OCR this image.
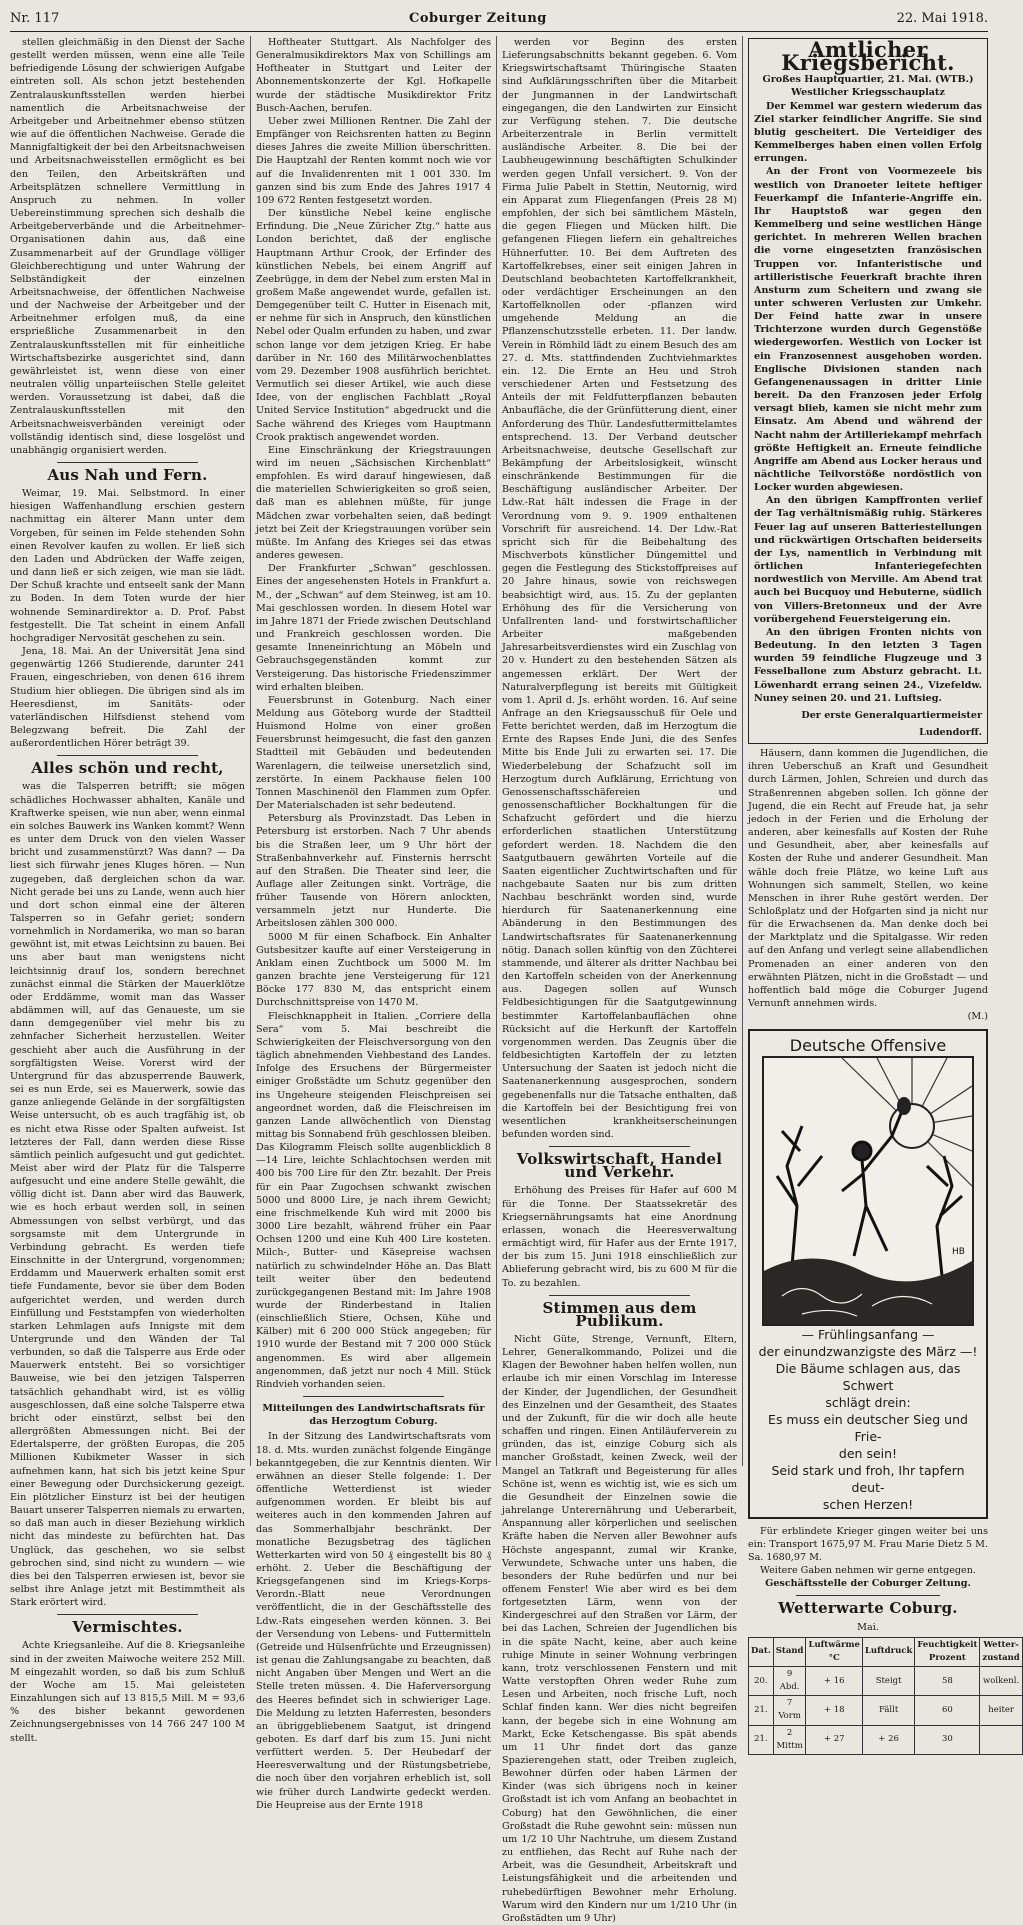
Nr. 117	Coburger Zeitung	22. Mai 1918.

stellen gleichmäßig in den Dienst der Sache gestellt werden müssen, wenn eine alle Teile befriedigende Lösung der schwierigen Aufgabe eintreten soll. Als schon jetzt bestehenden Zentralauskunftsstellen werden hierbei namentlich die Arbeitsnachweise der Arbeitgeber und Arbeitnehmer ebenso stützen wie auf die öffentlichen Nachweise. Gerade die Mannigfaltigkeit der bei den Arbeitsnachweisen und Arbeitsnachweisstellen ermöglicht es bei den Teilen, den Arbeitskräften und Arbeitsplätzen schnellere Vermittlung in Anspruch zu nehmen. In voller Uebereinstimmung sprechen sich deshalb die Arbeitgeberverbände und die Arbeitnehmer-Organisationen dahin aus, daß eine Zusammenarbeit auf der Grundlage völliger Gleichberechtigung und unter Wahrung der Selbständigkeit der einzelnen Arbeitsnachweise, der öffentlichen Nachweise und der Nachweise der Arbeitgeber und der Arbeitnehmer erfolgen muß, da eine ersprießliche Zusammenarbeit in den Zentralauskunftsstellen mit für einheitliche Wirtschaftsbezirke ausgerichtet sind, dann gewährleistet ist, wenn diese von einer neutralen völlig unparteiischen Stelle geleitet werden. Voraussetzung ist dabei, daß die Zentralauskunftsstellen mit den Arbeitsnachweisverbänden vereinigt oder vollständig identisch sind, diese losgelöst und unabhängig organisiert werden.

Aus Nah und Fern.

Weimar, 19. Mai. Selbstmord. In einer hiesigen Waffenhandlung erschien gestern nachmittag ein älterer Mann unter dem Vorgeben, für seinen im Felde stehenden Sohn einen Revolver kaufen zu wollen. Er ließ sich den Laden und Abdrücken der Waffe zeigen, und dann ließ er sich zeigen, wie man sie lädt. Der Schuß krachte und entseelt sank der Mann zu Boden. In dem Toten wurde der hier wohnende Seminardirektor a. D. Prof. Pabst festgestellt. Die Tat scheint in einem Anfall hochgradiger Nervosität geschehen zu sein.

Jena, 18. Mai. An der Universität Jena sind gegenwärtig 1266 Studierende, darunter 241 Frauen, eingeschrieben, von denen 616 ihrem Studium hier obliegen. Die übrigen sind als im Heeresdienst, im Sanitäts- oder vaterländischen Hilfsdienst stehend vom Belegzwang befreit. Die Zahl der außerordentlichen Hörer beträgt 39.

Alles schön und recht,

was die Talsperren betrifft; sie mögen schädliches Hochwasser abhalten, Kanäle und Kraftwerke speisen, wie nun aber, wenn einmal ein solches Bauwerk ins Wanken kommt? Wenn es unter dem Druck von den vielen Wasser bricht und zusammenstürzt? Was dann? — Da liest sich fürwahr jenes Kluges hören. — Nun zugegeben, daß dergleichen schon da war. Nicht gerade bei uns zu Lande, wenn auch hier und dort schon einmal eine der älteren Talsperren so in Gefahr geriet; sondern vornehmlich in Nordamerika, wo man so baran gewöhnt ist, mit etwas Leichtsinn zu bauen. Bei uns aber baut man wenigstens nicht leichtsinnig drauf los, sondern berechnet zunächst einmal die Stärken der Mauerklötze oder Erddämme, womit man das Wasser abdämmen will, auf das Genaueste, um sie dann demgegenüber viel mehr bis zu zehnfacher Sicherheit herzustellen. Weiter geschieht aber auch die Ausführung in der sorgfältigsten Weise. Vorerst wird der Untergrund für das abzusperrende Bauwerk, sei es nun Erde, sei es Mauerwerk, sowie das ganze anliegende Gelände in der sorgfältigsten Weise untersucht, ob es auch tragfähig ist, ob es nicht etwa Risse oder Spalten aufweist. Ist letzteres der Fall, dann werden diese Risse sämtlich peinlich aufgesucht und gut gedichtet. Meist aber wird der Platz für die Talsperre aufgesucht und eine andere Stelle gewählt, die völlig dicht ist. Dann aber wird das Bauwerk, wie es hoch erbaut werden soll, in seinen Abmessungen von selbst verbürgt, und das sorgsamste mit dem Untergrunde in Verbindung gebracht. Es werden tiefe Einschnitte in der Untergrund, vorgenommen; Erddamm und Mauerwerk erhalten somit erst tiefe Fundamente, bevor sie über dem Boden aufgerichtet werden, und werden durch Einfüllung und Feststampfen von wiederholten starken Lehmlagen aufs Innigste mit dem Untergrunde und den Wänden der Tal verbunden, so daß die Talsperre aus Erde oder Mauerwerk entsteht. Bei so vorsichtiger Bauweise, wie bei den jetzigen Talsperren tatsächlich gehandhabt wird, ist es völlig ausgeschlossen, daß eine solche Talsperre etwa bricht oder einstürzt, selbst bei den allergrößten Abmessungen nicht. Bei der Edertalsperre, der größten Europas, die 205 Millionen Kubikmeter Wasser in sich aufnehmen kann, hat sich bis jetzt keine Spur einer Bewegung oder Durchsickerung gezeigt. Ein plötzlicher Einsturz ist bei der heutigen Bauart unserer Talsperren niemals zu erwarten, so daß man auch in dieser Beziehung wirklich nicht das mindeste zu befürchten hat. Das Unglück, das geschehen, wo sie selbst gebrochen sind, sind nicht zu wundern — wie dies bei den Talsperren erwiesen ist, bevor sie selbst ihre Anlage jetzt mit Bestimmtheit als Stark erörtert wird.

Vermischtes.

Achte Kriegsanleihe. Auf die 8. Kriegsanleihe sind in der zweiten Maiwoche weitere 252 Mill. M eingezahlt worden, so daß bis zum Schluß der Woche am 15. Mai geleisteten Einzahlungen sich auf 13 815,5 Mill. M = 93,6 % des bisher bekannt gewordenen Zeichnungsergebnisses von 14 766 247 100 M stellt.

Hoftheater Stuttgart. Als Nachfolger des Generalmusikdirektors Max von Schillings am Hoftheater in Stuttgart und Leiter der Abonnementskonzerte der Kgl. Hofkapelle wurde der städtische Musikdirektor Fritz Busch-Aachen, berufen.

Ueber zwei Millionen Rentner. Die Zahl der Empfänger von Reichsrenten hatten zu Beginn dieses Jahres die zweite Million überschritten. Die Hauptzahl der Renten kommt noch wie vor auf die Invalidenrenten mit 1 001 330. Im ganzen sind bis zum Ende des Jahres 1917 4 109 672 Renten festgesetzt worden.

Der künstliche Nebel keine englische Erfindung. Die „Neue Züricher Ztg.“ hatte aus London berichtet, daß der englische Hauptmann Arthur Crook, der Erfinder des künstlichen Nebels, bei einem Angriff auf Zeebrügge, in dem der Nebel zum ersten Mal in großem Maße angewendet wurde, gefallen ist. Demgegenüber teilt C. Hutter in Eisenach mit, er nehme für sich in Anspruch, den künstlichen Nebel oder Qualm erfunden zu haben, und zwar schon lange vor dem jetzigen Krieg. Er habe darüber in Nr. 160 des Militärwochenblattes vom 29. Dezember 1908 ausführlich berichtet. Vermutlich sei dieser Artikel, wie auch diese Idee, von der englischen Fachblatt „Royal United Service Institution“ abgedruckt und die Sache während des Krieges vom Hauptmann Crook praktisch angewendet worden.

Eine Einschränkung der Kriegstrauungen wird im neuen „Sächsischen Kirchenblatt“ empfohlen. Es wird darauf hingewiesen, daß die materiellen Schwierigkeiten so groß seien, daß man es ablehnen müßte, für junge Mädchen zwar vorbehalten seien, daß bedingt jetzt bei Zeit der Kriegstrauungen vorüber sein müßte. Im Anfang des Krieges sei das etwas anderes gewesen.

Der Frankfurter „Schwan“ geschlossen. Eines der angesehensten Hotels in Frankfurt a. M., der „Schwan“ auf dem Steinweg, ist am 10. Mai geschlossen worden. In diesem Hotel war im Jahre 1871 der Friede zwischen Deutschland und Frankreich geschlossen worden. Die gesamte Inneneinrichtung an Möbeln und Gebrauchsgegenständen kommt zur Versteigerung. Das historische Friedenszimmer wird erhalten bleiben.

Feuersbrunst in Gotenburg. Nach einer Meldung aus Göteborg wurde der Stadtteil Huismond Holme von einer großen Feuersbrunst heimgesucht, die fast den ganzen Stadtteil mit Gebäuden und bedeutenden Warenlagern, die teilweise unersetzlich sind, zerstörte. In einem Packhause fielen 100 Tonnen Maschinenöl den Flammen zum Opfer. Der Materialschaden ist sehr bedeutend.

Petersburg als Provinzstadt. Das Leben in Petersburg ist erstorben. Nach 7 Uhr abends bis die Straßen leer, um 9 Uhr hört der Straßenbahnverkehr auf. Finsternis herrscht auf den Straßen. Die Theater sind leer, die Auflage aller Zeitungen sinkt. Vorträge, die früher Tausende von Hörern anlockten, versammeln jetzt nur Hunderte. Die Arbeitslosen zählen 300 000.

5000 M für einen Schafbock. Ein Anhalter Gutsbesitzer kaufte auf einer Versteigerung in Anklam einen Zuchtbock um 5000 M. Im ganzen brachte jene Versteigerung für 121 Böcke 177 830 M, das entspricht einem Durchschnittspreise von 1470 M.

Fleischknappheit in Italien. „Corriere della Sera“ vom 5. Mai beschreibt die Schwierigkeiten der Fleischversorgung von den täglich abnehmenden Viehbestand des Landes. Infolge des Ersuchens der Bürgermeister einiger Großstädte um Schutz gegenüber den ins Ungeheure steigenden Fleischpreisen sei angeordnet worden, daß die Fleischreisen im ganzen Lande allwöchentlich von Dienstag mittag bis Sonnabend früh geschlossen bleiben. Das Kilogramm Fleisch sollte augenblicklich 8—14 Lire, leichte Schlachtochsen werden mit 400 bis 700 Lire für den Ztr. bezahlt. Der Preis für ein Paar Zugochsen schwankt zwischen 5000 und 8000 Lire, je nach ihrem Gewicht; eine frischmelkende Kuh wird mit 2000 bis 3000 Lire bezahlt, während früher ein Paar Ochsen 1200 und eine Kuh 400 Lire kosteten. Milch-, Butter- und Käsepreise wachsen natürlich zu schwindelnder Höhe an. Das Blatt teilt weiter über den bedeutend zurückgegangenen Bestand mit: Im Jahre 1908 wurde der Rinderbestand in Italien (einschließlich Stiere, Ochsen, Kühe und Kälber) mit 6 200 000 Stück angegeben; für 1910 wurde der Bestand mit 7 200 000 Stück angenommen. Es wird aber allgemein angenommen, daß jetzt nur noch 4 Mill. Stück Rindvieh vorhanden seien.

Mitteilungen des Landwirtschaftsrats für das Herzogtum Coburg.

In der Sitzung des Landwirtschaftsrats vom 18. d. Mts. wurden zunächst folgende Eingänge bekanntgegeben, die zur Kenntnis dienten. Wir erwähnen an dieser Stelle folgende: 1. Der öffentliche Wetterdienst ist wieder aufgenommen worden. Er bleibt bis auf weiteres auch in den kommenden Jahren auf das Sommerhalbjahr beschränkt. Der monatliche Bezugsbetrag des täglichen Wetterkarten wird von 50 ₰ eingestellt bis 80 ₰ erhöht. 2. Ueber die Beschäftigung der Kriegsgefangenen sind im Kriegs-Korps-Verordn.-Blatt neue Verordnungen veröffentlicht, die in der Geschäftsstelle des Ldw.-Rats eingesehen werden können. 3. Bei der Versendung von Lebens- und Futtermitteln (Getreide und Hülsenfrüchte und Erzeugnissen) ist genau die Zahlungsangabe zu beachten, daß nicht Angaben über Mengen und Wert an die Stelle treten müssen. 4. Die Haferversorgung des Heeres befindet sich in schwieriger Lage. Die Meldung zu letzten Haferresten, besonders an übriggebliebenem Saatgut, ist dringend geboten. Es darf darf bis zum 15. Juni nicht verfüttert werden. 5. Der Heubedarf der Heeresverwaltung und der Rüstungsbetriebe, die noch über den vorjahren erheblich ist, soll wie früher durch Landwirte gedeckt werden. Die Heupreise aus der Ernte 1918

werden vor Beginn des ersten Lieferungsabschnitts bekannt gegeben. 6. Vom Kriegswirtschaftsamt Thüringische Staaten sind Aufklärungsschriften über die Mitarbeit der Jungmannen in der Landwirtschaft eingegangen, die den Landwirten zur Einsicht zur Verfügung stehen. 7. Die deutsche Arbeiterzentrale in Berlin vermittelt ausländische Arbeiter. 8. Die bei der Laubheugewinnung beschäftigten Schulkinder werden gegen Unfall versichert. 9. Von der Firma Julie Pabelt in Stettin, Neutornig, wird ein Apparat zum Fliegenfangen (Preis 28 M) empfohlen, der sich bei sämtlichem Mästeln, die gegen Fliegen und Mücken hilft. Die gefangenen Fliegen liefern ein gehaltreiches Hühnerfutter. 10. Bei dem Auftreten des Kartoffelkrebses, einer seit einigen Jahren in Deutschland beobachteten Kartoffelkrankheit, oder verdächtiger Erscheinungen an den Kartoffelknollen oder -pflanzen wird umgehende Meldung an die Pflanzenschutzsstelle erbeten. 11. Der landw. Verein in Römhild lädt zu einem Besuch des am 27. d. Mts. stattfindenden Zuchtviehmarktes ein. 12. Die Ernte an Heu und Stroh verschiedener Arten und Festsetzung des Anteils der mit Feldfutterpflanzen bebauten Anbaufläche, die der Grünfütterung dient, einer Anforderung des Thür. Landesfuttermittelamtes entsprechend. 13. Der Verband deutscher Arbeitsnachweise, deutsche Gesellschaft zur Bekämpfung der Arbeitslosigkeit, wünscht einschränkende Bestimmungen für die Beschäftigung ausländischer Arbeiter. Der Ldw.-Rat hält indessen die Frage in der Verordnung vom 9. 9. 1909 enthaltenen Vorschrift für ausreichend. 14. Der Ldw.-Rat spricht sich für die Beibehaltung des Mischverbots künstlicher Düngemittel und gegen die Festlegung des Stickstoffpreises auf 20 Jahre hinaus, sowie von reichswegen beabsichtigt wird, aus. 15. Zu der geplanten Erhöhung des für die Versicherung von Unfallrenten land- und forstwirtschaftlicher Arbeiter maßgebenden Jahresarbeitsverdienstes wird ein Zuschlag von 20 v. Hundert zu den bestehenden Sätzen als angemessen erklärt. Der Wert der Naturalverpflegung ist bereits mit Gültigkeit vom 1. April d. Js. erhöht worden. 16. Auf seine Anfrage an den Kriegsausschuß für Oele und Fette berichtet werden, daß im Herzogtum die Ernte des Rapses Ende Juni, die des Senfes Mitte bis Ende Juli zu erwarten sei. 17. Die Wiederbelebung der Schafzucht soll im Herzogtum durch Aufklärung, Errichtung von Genossenschaftsschäfereien und genossenschaftlicher Bockhaltungen für die Schafzucht gefördert und die hierzu erforderlichen staatlichen Unterstützung gefordert werden. 18. Nachdem die den Saatgutbauern gewährten Vorteile auf die Saaten eigentlicher Zuchtwirtschaften und für nachgebaute Saaten nur bis zum dritten Nachbau beschränkt worden sind, wurde hierdurch für Saatenanerkennung eine Abänderung in den Bestimmungen des Landwirtschaftsrates für Saatenanerkennung nötig. Danach sollen künftig von den Züchterei stammende, und älterer als dritter Nachbau bei den Kartoffeln scheiden von der Anerkennung aus. Dagegen sollen auf Wunsch Feldbesichtigungen für die Saatgutgewinnung bestimmter Kartoffelanbauflächen ohne Rücksicht auf die Herkunft der Kartoffeln vorgenommen werden. Das Zeugnis über die feldbesichtigten Kartoffeln der zu letzten Untersuchung der Saaten ist jedoch nicht die Saatenanerkennung ausgesprochen, sondern gegebenenfalls nur die Tatsache enthalten, daß die Kartoffeln bei der Besichtigung frei von wesentlichen krankheitserscheinungen befunden worden sind.

Volkswirtschaft, Handel und Verkehr.

Erhöhung des Preises für Hafer auf 600 M für die Tonne. Der Staatssekretär des Kriegsernährungsamts hat eine Anordnung erlassen, wonach die Heeresverwaltung ermächtigt wird, für Hafer aus der Ernte 1917, der bis zum 15. Juni 1918 einschließlich zur Ablieferung gebracht wird, bis zu 600 M für die To. zu bezahlen.

Stimmen aus dem Publikum.

Nicht Güte, Strenge, Vernunft, Eltern, Lehrer, Generalkommando, Polizei und die Klagen der Bewohner haben helfen wollen, nun erlaube ich mir einen Vorschlag im Interesse der Kinder, der Jugendlichen, der Gesundheit des Einzelnen und der Gesamtheit, des Staates und der Zukunft, für die wir doch alle heute schaffen und ringen. Einen Antiläuferverein zu gründen, das ist, einzige Coburg sich als mancher Großstadt, keinen Zweck, weil der Mangel an Tatkraft und Begeisterung für alles Schöne ist, wenn es wichtig ist, wie es sich um die Gesundheit der Einzelnen sowie die jahrelange Unterernährung und Ueberarbeit, Anspannung aller körperlichen und seelischen Kräfte haben die Nerven aller Bewohner aufs Höchste angespannt, zumal wir Kranke, Verwundete, Schwache unter uns haben, die besonders der Ruhe bedürfen und nur bei offenem Fenster! Wie aber wird es bei dem fortgesetzten Lärm, wenn von der Kindergeschrei auf den Straßen vor Lärm, der bei das Lachen, Schreien der Jugendlichen bis in die späte Nacht, keine, aber auch keine ruhige Minute in seiner Wohnung verbringen kann, trotz verschlossenen Fenstern und mit Watte verstopften Ohren weder Ruhe zum Lesen und Arbeiten, noch frische Luft, noch Schlaf finden kann. Wer dies nicht begreifen kann, der begebe sich in eine Wohnung am Markt, Ecke Ketschengasse. Bis spät abends um 11 Uhr findet dort das ganze Spazierengehen statt, oder Treiben zugleich, Bewohner dürfen oder haben Lärmen der Kinder (was sich übrigens noch in keiner Großstadt ist ich vom Anfang an beobachtet in Coburg) hat den Gewöhnlichen, die einer Großstadt die Ruhe gewohnt sein: müssen nun um 1/2 10 Uhr Nachtruhe, um diesem Zustand zu entfliehen, das Recht auf Ruhe nach der Arbeit, was die Gesundheit, Arbeitskraft und Leistungsfähigkeit und die arbeitenden und ruhebedürftigen Bewohner mehr Erholung. Warum wird den Kindern nur um 1/210 Uhr (in Großstädten um 9 Uhr)

Amtlicher Kriegsbericht.

Großes Hauptquartier, 21. Mai. (WTB.)

Westlicher Kriegsschauplatz

Der Kemmel war gestern wiederum das Ziel starker feindlicher Angriffe. Sie sind blutig gescheitert. Die Verteidiger des Kemmelberges haben einen vollen Erfolg errungen.

An der Front von Voormezeele bis westlich von Dranoeter leitete heftiger Feuerkampf die Infanterie-Angriffe ein. Ihr Hauptstoß war gegen den Kemmelberg und seine westlichen Hänge gerichtet. In mehreren Wellen brachen die vorne eingesetzten französischen Truppen vor. Infanteristische und artilleristische Feuerkraft brachte ihren Ansturm zum Scheitern und zwang sie unter schweren Verlusten zur Umkehr. Der Feind hatte zwar in unsere Trichterzone wurden durch Gegenstöße wiedergeworfen. Westlich von Locker ist ein Franzosennest ausgehoben worden. Englische Divisionen standen nach Gefangenenaussagen in dritter Linie bereit. Da den Franzosen jeder Erfolg versagt blieb, kamen sie nicht mehr zum Einsatz. Am Abend und während der Nacht nahm der Artilleriekampf mehrfach größte Heftigkeit an. Erneute feindliche Angriffe am Abend aus Locker heraus und nächtliche Teilvorstöße nordöstlich von Locker wurden abgewiesen.

An den übrigen Kampffronten verlief der Tag verhältnismäßig ruhig. Stärkeres Feuer lag auf unseren Batteriestellungen und rückwärtigen Ortschaften beiderseits der Lys, namentlich in Verbindung mit örtlichen Infanteriegefechten nordwestlich von Merville. Am Abend trat auch bei Bucquoy und Hebuterne, südlich von Villers-Bretonneux und der Avre vorübergehend Feuersteigerung ein.

An den übrigen Fronten nichts von Bedeutung. In den letzten 3 Tagen wurden 59 feindliche Flugzeuge und 3 Fesselballone zum Absturz gebracht. Lt. Löwenhardt errang seinen 24., Vizefeldw. Nuney seinen 20. und 21. Luftsieg.

Der erste Generalquartiermeister
Ludendorff.

Häusern, dann kommen die Jugendlichen, die ihren Ueberschuß an Kraft und Gesundheit durch Lärmen, Johlen, Schreien und durch das Straßenrennen abgeben sollen. Ich gönne der Jugend, die ein Recht auf Freude hat, ja sehr jedoch in der Ferien und die Erholung der anderen, aber keinesfalls auf Kosten der Ruhe und Gesundheit, aber, aber keinesfalls auf Kosten der Ruhe und anderer Gesundheit. Man wähle doch freie Plätze, wo keine Luft aus Wohnungen sich sammelt, Stellen, wo keine Menschen in ihrer Ruhe gestört werden. Der Schloßplatz und der Hofgarten sind ja nicht nur für die Erwachsenen da. Man denke doch bei der Marktplatz und die Spitalgasse. Wir reden auf den Anfang und verlegt seine allabendlichen Promenaden an einer anderen von den erwähnten Plätzen, nicht in die Großstadt — und hoffentlich bald möge die Coburger Jugend Vernunft annehmen wirds.

(M.)

Deutsche Offensive
HB
— Frühlingsanfang —
der einundzwanzigste des März —!
Die Bäume schlagen aus, das Schwert
schlägt drein:
Es muss ein deutscher Sieg und Frie-
den sein!
Seid stark und froh, Ihr tapfern deut-
schen Herzen!

Für erblindete Krieger gingen weiter bei uns ein: Transport 1675,97 M. Frau Marie Dietz 5 M. Sa. 1680,97 M.

Weitere Gaben nehmen wir gerne entgegen.

Geschäftsstelle der Coburger Zeitung.

Wetterwarte Coburg.

Mai.

Dat.	Stand	Luftwärme °C	Luftdruck	Feuchtigkeit Prozent	Wetter-zustand
20.	9 Abd.	+ 16	Steigt	58	wolkenl.
21.	7 Vorm	+ 18	Fällt	60	heiter
21.	2 Mittm	+ 27	+ 26	30	
